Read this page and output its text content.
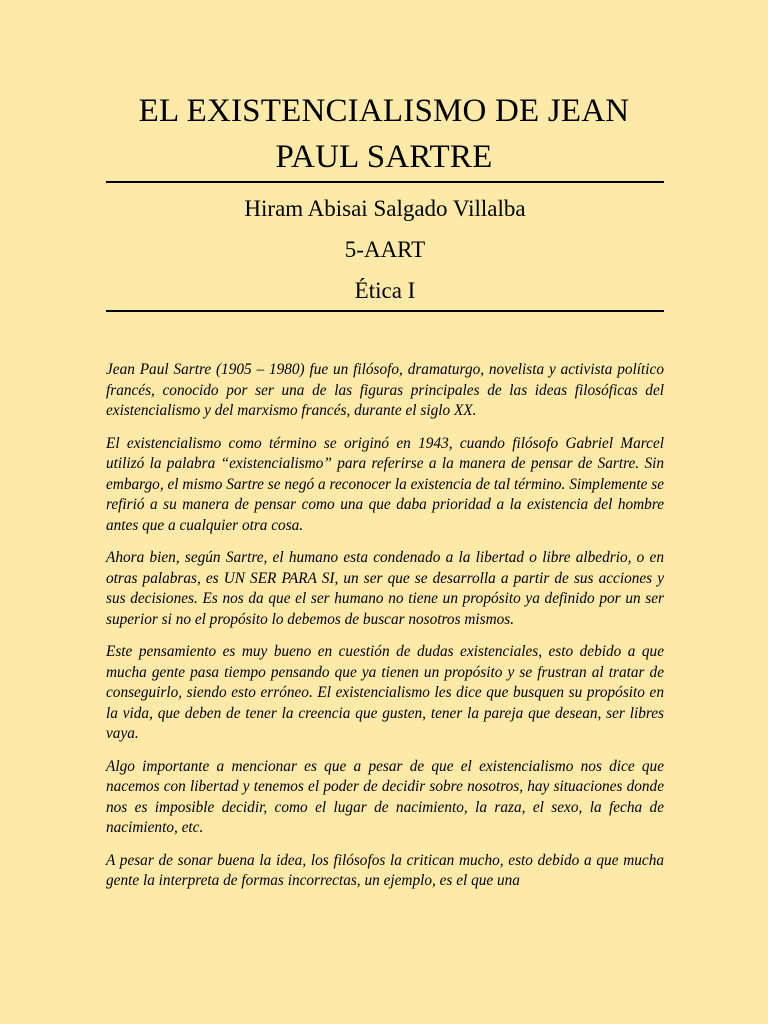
EL EXISTENCIALISMO DE JEAN
PAUL SARTRE
Hiram Abisai Salgado Villalba
5-AART
Ética I

Jean Paul Sartre (1905 – 1980) fue un filósofo, dramaturgo, novelista y activista político francés, conocido por ser una de las figuras principales de las ideas filosóficas del existencialismo y del marxismo francés, durante el siglo XX.

El existencialismo como término se originó en 1943, cuando filósofo Gabriel Marcel utilizó la palabra “existencialismo” para referirse a la manera de pensar de Sartre. Sin embargo, el mismo Sartre se negó a reconocer la existencia de tal término. Simplemente se refirió a su manera de pensar como una que daba prioridad a la existencia del hombre antes que a cualquier otra cosa.

Ahora bien, según Sartre, el humano esta condenado a la libertad o libre albedrio, o en otras palabras, es UN SER PARA SI, un ser que se desarrolla a partir de sus acciones y sus decisiones. Es nos da que el ser humano no tiene un propósito ya definido por un ser superior si no el propósito lo debemos de buscar nosotros mismos.

Este pensamiento es muy bueno en cuestión de dudas existenciales, esto debido a que mucha gente pasa tiempo pensando que ya tienen un propósito y se frustran al tratar de conseguirlo, siendo esto erróneo. El existencialismo les dice que busquen su propósito en la vida, que deben de tener la creencia que gusten, tener la pareja que desean, ser libres vaya.

Algo importante a mencionar es que a pesar de que el existencialismo nos dice que nacemos con libertad y tenemos el poder de decidir sobre nosotros, hay situaciones donde nos es imposible decidir, como el lugar de nacimiento, la raza, el sexo, la fecha de nacimiento, etc.

A pesar de sonar buena la idea, los filósofos la critican mucho, esto debido a que mucha gente la interpreta de formas incorrectas, un ejemplo, es el que una
